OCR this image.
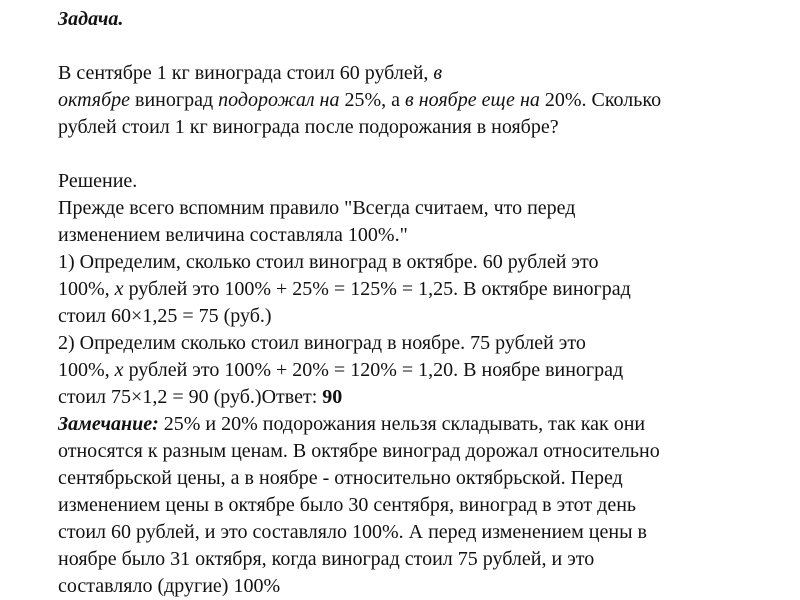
Задача.
В сентябре 1 кг винограда стоил 60 рублей, в
октябре виноград подорожал на 25%, а в ноябре еще на 20%. Сколько
рублей стоил 1 кг винограда после подорожания в ноябре?
Решение.
Прежде всего вспомним правило "Всегда считаем, что перед
изменением величина составляла 100%."
1) Определим, сколько стоил виноград в октябре. 60 рублей это
100%, x рублей это 100% + 25% = 125% = 1,25. В октябре виноград
стоил 60×1,25 = 75 (руб.)
2) Определим сколько стоил виноград в ноябре. 75 рублей это
100%, x рублей это 100% + 20% = 120% = 1,20. В ноябре виноград
стоил 75×1,2 = 90 (руб.)Ответ: 90
Замечание: 25% и 20% подорожания нельзя складывать, так как они
относятся к разным ценам. В октябре виноград дорожал относительно
сентябрьской цены, а в ноябре - относительно октябрьской. Перед
изменением цены в октябре было 30 сентября, виноград в этот день
стоил 60 рублей, и это составляло 100%. А перед изменением цены в
ноябре было 31 октября, когда виноград стоил 75 рублей, и это
составляло (другие) 100%
